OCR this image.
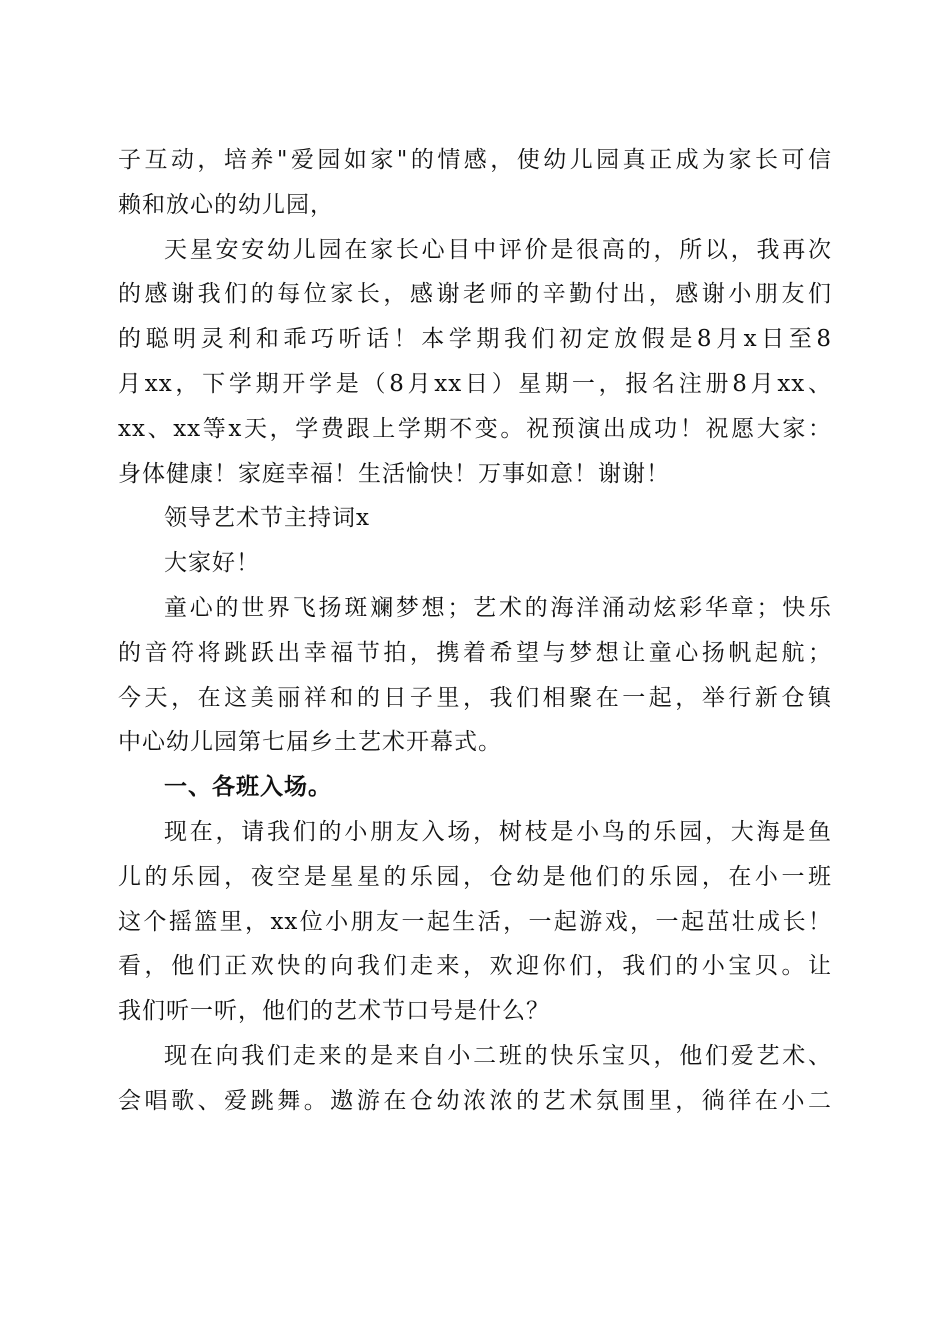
子互动，培养"爱园如家"的情感，使幼儿园真正成为家长可信
赖和放心的幼儿园，
天星安安幼儿园在家长心目中评价是很高的，所以，我再次
的感谢我们的每位家长，感谢老师的辛勤付出，感谢小朋友们
的聪明灵利和乖巧听话！本学期我们初定放假是8月x日至8
月xx，下学期开学是（8月xx日）星期一，报名注册8月xx、
xx、xx等x天，学费跟上学期不变。祝预演出成功！祝愿大家：
身体健康！家庭幸福！生活愉快！万事如意！谢谢！
领导艺术节主持词x
大家好！
童心的世界飞扬斑斓梦想；艺术的海洋涌动炫彩华章；快乐
的音符将跳跃出幸福节拍，携着希望与梦想让童心扬帆起航；
今天，在这美丽祥和的日子里，我们相聚在一起，举行新仓镇
中心幼儿园第七届乡土艺术开幕式。
一、各班入场。
现在，请我们的小朋友入场，树枝是小鸟的乐园，大海是鱼
儿的乐园，夜空是星星的乐园，仓幼是他们的乐园，在小一班
这个摇篮里，xx位小朋友一起生活，一起游戏，一起茁壮成长！
看，他们正欢快的向我们走来，欢迎你们，我们的小宝贝。让
我们听一听，他们的艺术节口号是什么？
现在向我们走来的是来自小二班的快乐宝贝，他们爱艺术、
会唱歌、爱跳舞。遨游在仓幼浓浓的艺术氛围里，徜徉在小二
